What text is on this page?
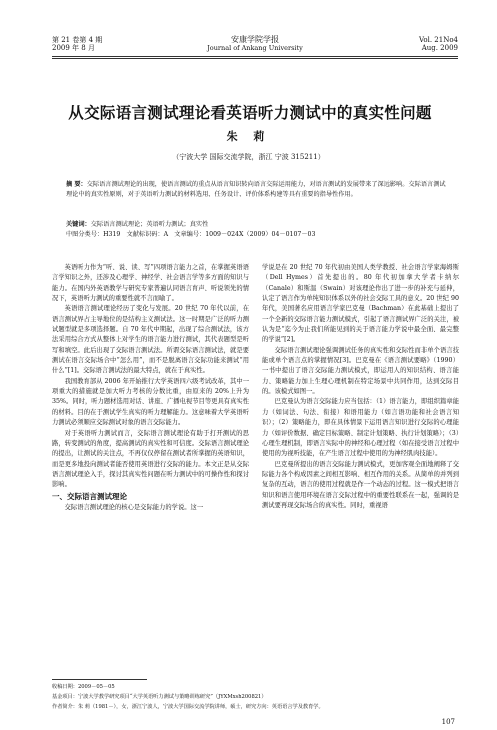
第 21 卷第 4 期
2009 年 8 月
安康学院学报
Journal of Ankang University
Vol. 21No4
Aug. 2009
从交际语言测试理论看英语听力测试中的真实性问题
朱 莉
（宁波大学 国际交流学院，浙江 宁波 315211）
摘 要：交际语言测试理论的出现，使语言测试的重点从语言知识转向语言交际运用能力，对语言测试的发展带来了深远影响。交际语言测试理论中的真实性原则，对于英语听力测试的材料选用、任务设计、评价体系构建等具有重要的指导性作用。
关键词：交际语言测试理论；英语听力测试；真实性
中图分类号：H319　文献标识码：A　文章编号：1009－024X（2009）04－0107－03

英语听力作为“听、说、读、写”四项语言能力之首，在掌握英语语言学知识之外，还涉及心理学、神经学、社会语言学等多方面的知识与能力。在国内外英语教学与研究专家普遍认同语言育声、听说领先的情况下，英语听力测试的重要性就不言而喻了。

英语语言测试理论经历了变化与发展。20 世纪 70 年代以前，在语言测试界占主导地位的是结构主义测试法。这一时期是广泛的听力测试题型就是多项选择题。自 70 年代中期起，出现了综合测试法，该方法采用综合方式从整体上对学生的语言能力进行测试，其代表题型是听写和填空。此后出现了交际语言测试法。所谓交际语言测试法，就是要测试在语言交际场合中“怎么用”，而不是脱离语言交际功能来测试“用什么”[1]。交际语言测试法的最大特点，就在于真实性。

我国教育部从 2006 年开始推行大学英语四六级考试改革，其中一项重大的措施就是加大听力考核的分数比重，由原来的 20%上升为 35%。同时，听力题材选用对话、讲座、广播电视节目等更具有真实性的材料。目的在于测试学生真实的听力理解能力。这意味着大学英语听力测试必须顺应交际测试对象的语言交际能力。

对于英语听力测试而言，交际语言测试理论有助于打开测试的思路，转变测试的角度，提高测试的真实性和可信度。交际语言测试理论的提出，让测试的关注点，不再仅仅停留在测试者所掌握的英语知识，而是更多地投向测试者能否使用英语进行交际的能力。本文正是从交际语言测试理论入手，探讨其真实性问题在听力测试中的可操作性和探讨影响。

一、交际语言测试理论

交际语言测试理论的核心是交际能力的学说。这一

学说是在 20 世纪 70 年代初由美国人类学教授、社会语言学家海姆斯（Dell Hymes）首先提出的。80 年代初加拿大学者卡纳尔（Canale）和斯温（Swain）对该理论作出了进一步的补充与延伸，认定了语言作为单纯知识体系以外的社会交际工具的意义。20 世纪 90 年代，美国著名应用语言学家巴克曼（Bachman）在此基础上提出了一个全新的交际语言能力测试模式，引起了语言测试界广泛的关注，被认为是“迄今为止我们所能见到的关于语言能力学说中最全面、最完整的学说”[2]。

交际语言测试理论强调测试任务的真实性和交际性而非单个语言技能或单个语言点的掌握情况[3]。巴克曼在《语言测试要略》（1990）一书中提出了语言交际能力测试模式，即运用人的知识结构、语言能力、策略能力加上生理心理机制在特定场景中共同作用，达到交际目的。该模式如图一。

巴克曼认为语言交际能力应当包括：（1）语言能力，即组织篇章能力（如词法、句法、衔接）和语用能力（如言语功能和社会语言知识）；（2）策略能力，即在具体情景下运用语言知识进行交际的心理能力（如评价数据、确定目标策略、制定计划策略、执行计划策略）；（3）心理生理机制，即语言实际中的神经和心理过程（如在接受语言过程中使用的为视听技能，在产生语言过程中使用的为神经肌肉技能）。

巴克曼所提出的语言交际能力测试模式，更加客观全面地阐释了交际能力各个构成因素之间相互影响、相互作用的关系。从简单的并列到复杂的互动，语言的使用过程就是作一个动态的过程。这一模式把语言知识和语言使用环境在语言交际过程中的重要性联系在一起，强调的是测试要再现交际场合的真实性。同时，重视语

收稿日期：2009－05－05
基金项目：宁波大学教学研究项目“大学英语听力测试与策略训练研究”（JYXMxsh200821）
作者简介：朱 莉（1981－），女，浙江宁波人，宁波大学国际交流学院讲师，硕士，研究方向：英语语言学及教育学。
107
